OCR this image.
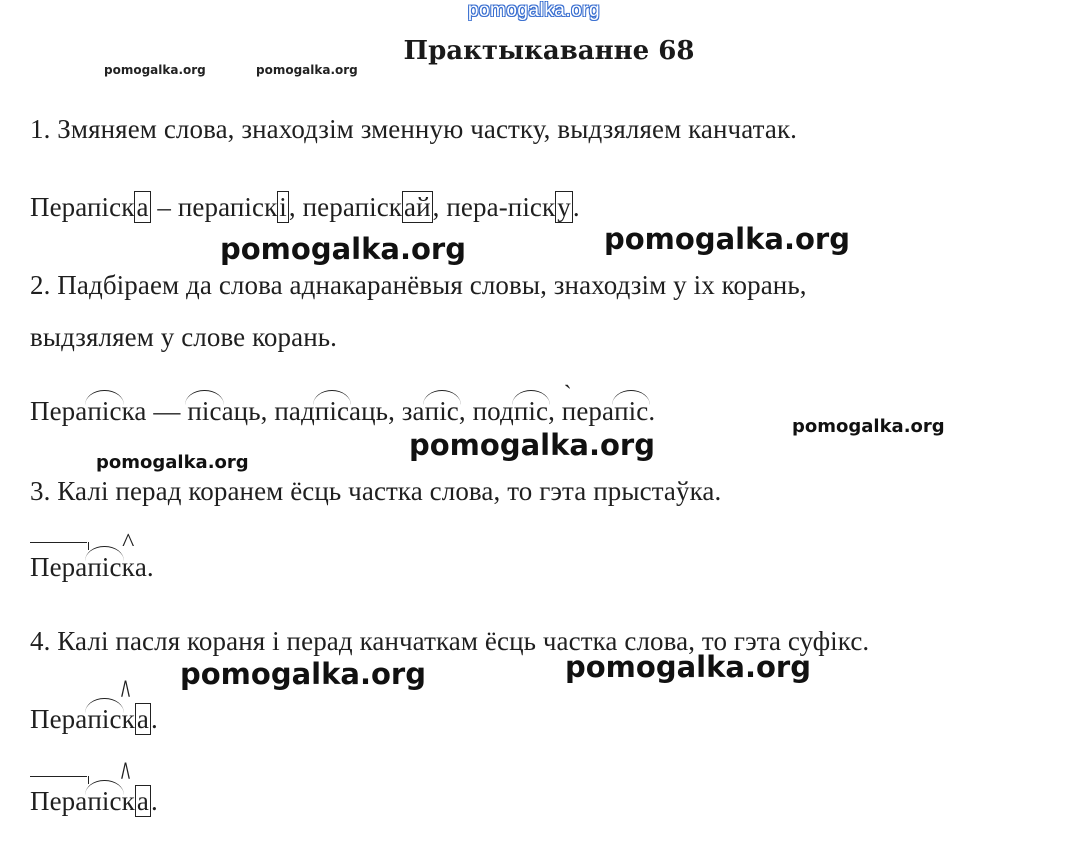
pomogalka.org
pomogalka.org	pomogalka.org
Практыкаванне 68
1. Змяняем слова, знаходзім зменную частку, выдзяляем канчатак.
Перапіска – перапіскі, перапіскай, пера-піску.
pomogalka.org	pomogalka.org
2. Падбіраем да слова аднакаранёвыя словы, знаходзім у іх корань,
выдзяляем у слове корань.
Перапіска — пісаць, падпісаць, запіс, подпіс, ` перапіс.
pomogalka.org
pomogalka.org
pomogalka.org
3. Калі перад коранем ёсць частка слова, то гэта прыстаўка.
Перапіс^ ка.
4. Калі пасля кораня і перад канчаткам ёсць частка слова, то гэта суфікс.
pomogalka.org	pomogalka.org
ПерапісΛ ка.
ПерапісΛ ка.
